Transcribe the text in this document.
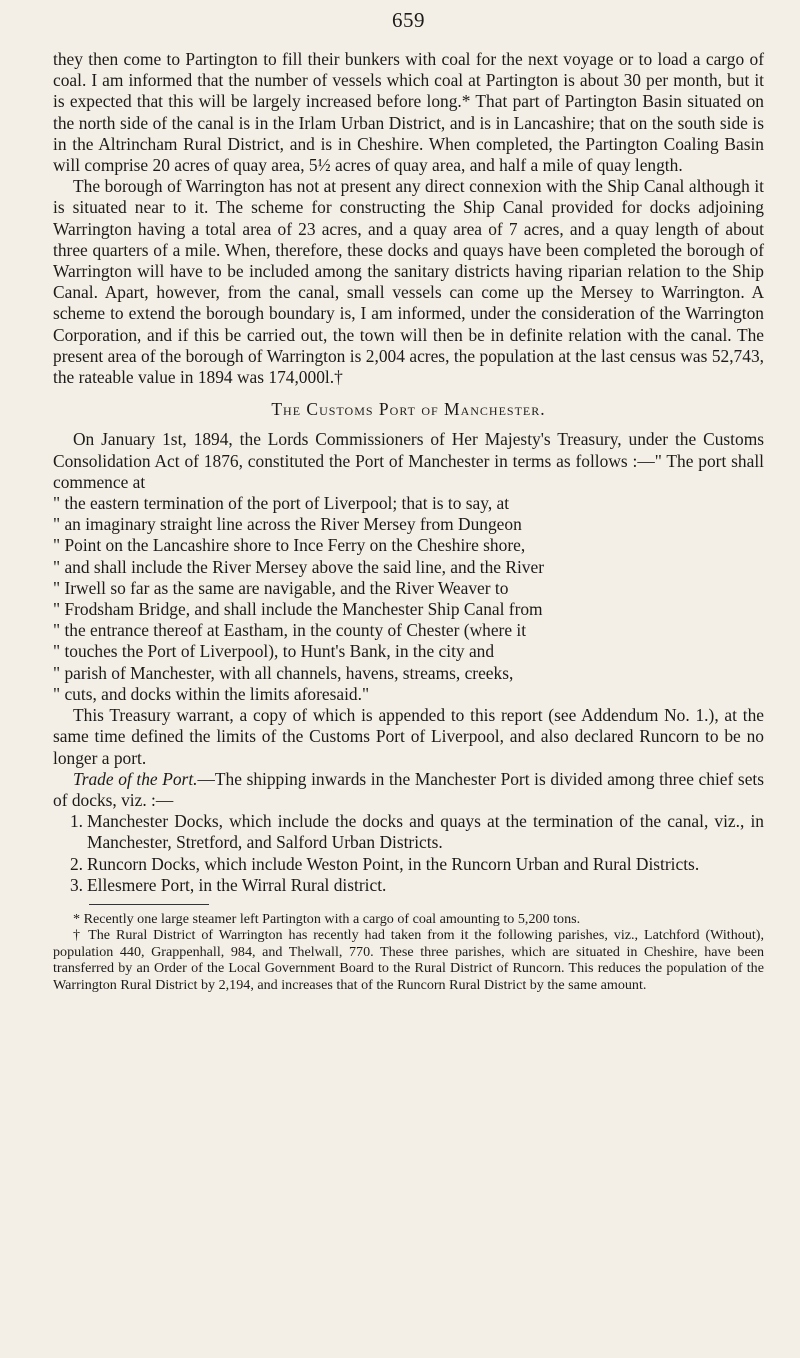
659

they then come to Partington to fill their bunkers with coal for the next voyage or to load a cargo of coal. I am informed that the number of vessels which coal at Partington is about 30 per month, but it is expected that this will be largely increased before long.* That part of Partington Basin situated on the north side of the canal is in the Irlam Urban District, and is in Lancashire; that on the south side is in the Altrincham Rural District, and is in Cheshire. When completed, the Partington Coaling Basin will comprise 20 acres of quay area, 5½ acres of quay area, and half a mile of quay length.

The borough of Warrington has not at present any direct connexion with the Ship Canal although it is situated near to it. The scheme for constructing the Ship Canal provided for docks adjoining Warrington having a total area of 23 acres, and a quay area of 7 acres, and a quay length of about three quarters of a mile. When, therefore, these docks and quays have been completed the borough of Warrington will have to be included among the sanitary districts having riparian relation to the Ship Canal. Apart, however, from the canal, small vessels can come up the Mersey to Warrington. A scheme to extend the borough boundary is, I am informed, under the consideration of the Warrington Corporation, and if this be carried out, the town will then be in definite relation with the canal. The present area of the borough of Warrington is 2,004 acres, the population at the last census was 52,743, the rateable value in 1894 was 174,000l.†

The Customs Port of Manchester.

On January 1st, 1894, the Lords Commissioners of Her Majesty's Treasury, under the Customs Consolidation Act of 1876, constituted the Port of Manchester in terms as follows :—" The port shall commence at

" the eastern termination of the port of Liverpool; that is to say, at
" an imaginary straight line across the River Mersey from Dungeon
" Point on the Lancashire shore to Ince Ferry on the Cheshire shore,
" and shall include the River Mersey above the said line, and the River
" Irwell so far as the same are navigable, and the River Weaver to
" Frodsham Bridge, and shall include the Manchester Ship Canal from
" the entrance thereof at Eastham, in the county of Chester (where it
" touches the Port of Liverpool), to Hunt's Bank, in the city and
" parish of Manchester, with all channels, havens, streams, creeks,
" cuts, and docks within the limits aforesaid."

This Treasury warrant, a copy of which is appended to this report (see Addendum No. 1.), at the same time defined the limits of the Customs Port of Liverpool, and also declared Runcorn to be no longer a port.

Trade of the Port.—The shipping inwards in the Manchester Port is divided among three chief sets of docks, viz. :—

1. Manchester Docks, which include the docks and quays at the termination of the canal, viz., in Manchester, Stretford, and Salford Urban Districts.
2. Runcorn Docks, which include Weston Point, in the Runcorn Urban and Rural Districts.
3. Ellesmere Port, in the Wirral Rural district.

* Recently one large steamer left Partington with a cargo of coal amounting to 5,200 tons.

† The Rural District of Warrington has recently had taken from it the following parishes, viz., Latchford (Without), population 440, Grappenhall, 984, and Thelwall, 770. These three parishes, which are situated in Cheshire, have been transferred by an Order of the Local Government Board to the Rural District of Runcorn. This reduces the population of the Warrington Rural District by 2,194, and increases that of the Runcorn Rural District by the same amount.
